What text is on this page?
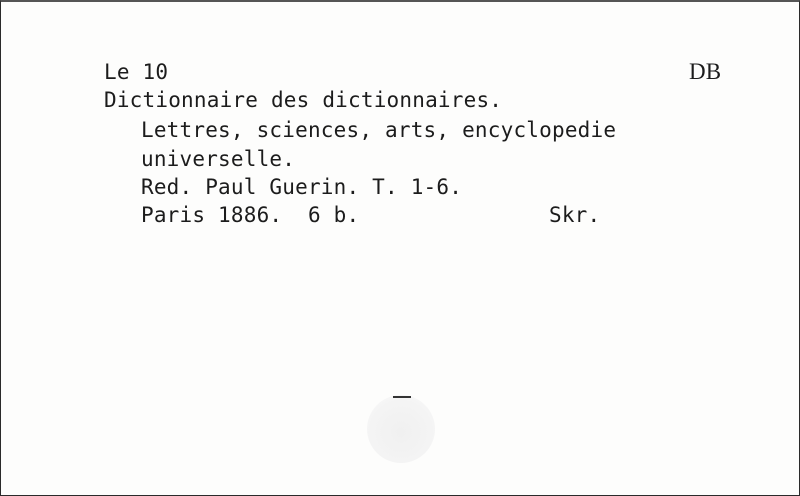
Le 10	DB
Dictionnaire des dictionnaires.
Lettres, sciences, arts, encyclopedie
universelle.
Red. Paul Guerin. T. 1-6.
Paris 1886.  6 b.	Skr.
